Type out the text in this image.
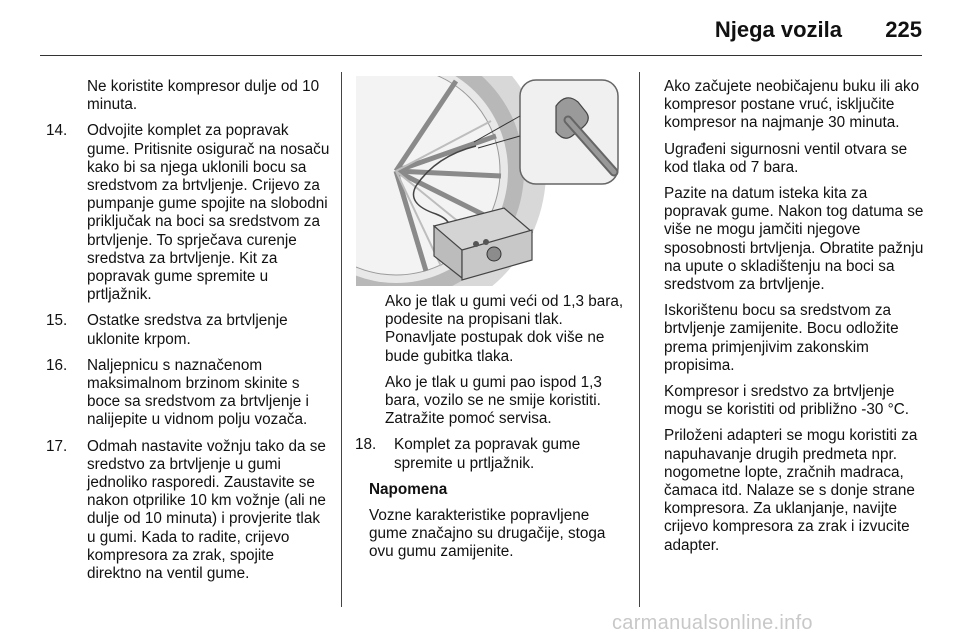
Njega vozila 225

Ne koristite kompresor dulje od 10 minuta.

14. Odvojite komplet za popravak gume. Pritisnite osigurač na nosaču kako bi sa njega uklonili bocu sa sredstvom za brtvljenje. Crijevo za pumpanje gume spojite na slobodni priključak na boci sa sredstvom za brtvljenje. To sprječava curenje sredstva za brtvljenje. Kit za popravak gume spremite u prtljažnik.
15. Ostatke sredstva za brtvljenje uklonite krpom.
16. Naljepnicu s naznačenom maksimalnom brzinom skinite s boce sa sredstvom za brtvljenje i nalijepite u vidnom polju vozača.
17. Odmah nastavite vožnju tako da se sredstvo za brtvljenje u gumi jednoliko rasporedi. Zaustavite se nakon otprilike 10 km vožnje (ali ne dulje od 10 minuta) i provjerite tlak u gumi. Kada to radite, crijevo kompresora za zrak, spojite direktno na ventil gume.

Ako je tlak u gumi veći od 1,3 bara, podesite na propisani tlak. Ponavljate postupak dok više ne bude gubitka tlaka.

Ako je tlak u gumi pao ispod 1,3 bara, vozilo se ne smije koristiti. Zatražite pomoć servisa.

18. Komplet za popravak gume spremite u prtljažnik.

Napomena

Vozne karakteristike popravljene gume značajno su drugačije, stoga ovu gumu zamijenite.

Ako začujete neobičajenu buku ili ako kompresor postane vruć, isključite kompresor na najmanje 30 minuta.

Ugrađeni sigurnosni ventil otvara se kod tlaka od 7 bara.

Pazite na datum isteka kita za popravak gume. Nakon tog datuma se više ne mogu jamčiti njegove sposobnosti brtvljenja. Obratite pažnju na upute o skladištenju na boci sa sredstvom za brtvljenje.

Iskorištenu bocu sa sredstvom za brtvljenje zamijenite. Bocu odložite prema primjenjivim zakonskim propisima.

Kompresor i sredstvo za brtvljenje mogu se koristiti od približno -30 °C.

Priloženi adapteri se mogu koristiti za napuhavanje drugih predmeta npr. nogometne lopte, zračnih madraca, čamaca itd. Nalaze se s donje strane kompresora. Za uklanjanje, navijte crijevo kompresora za zrak i izvucite adapter.

carmanualsonline.info
